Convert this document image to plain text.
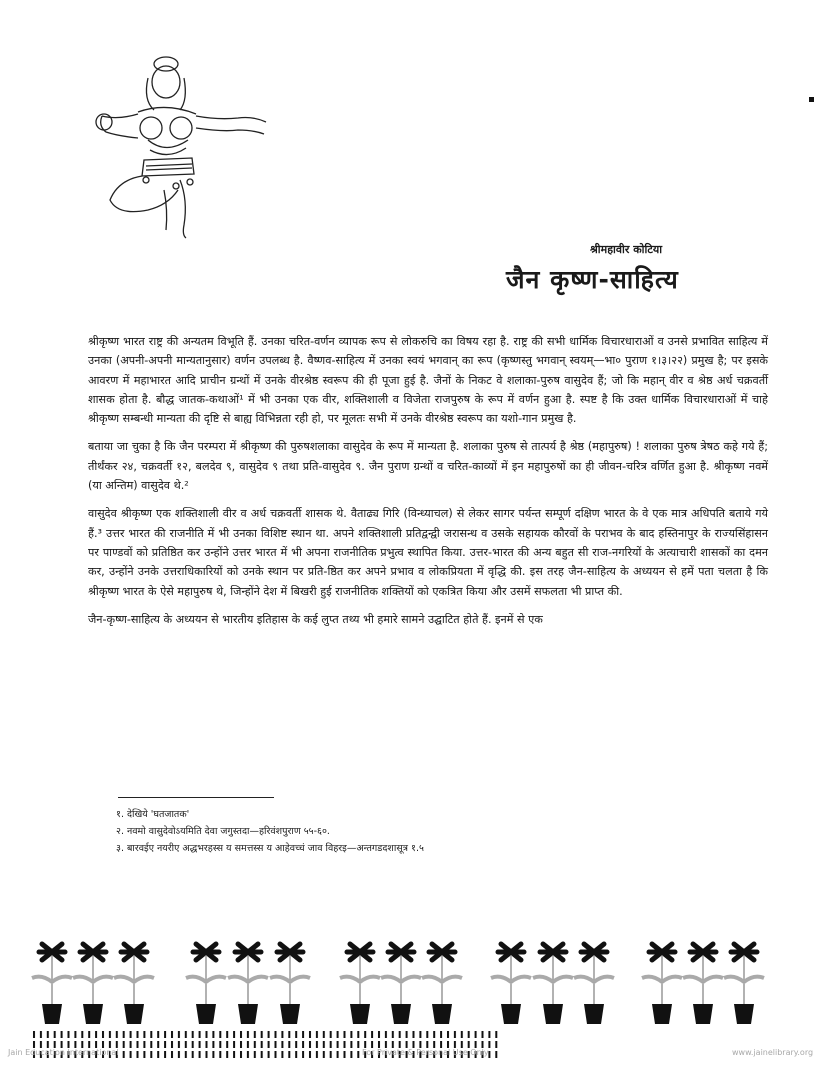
श्रीमहावीर कोटिया
जैन कृष्ण-साहित्य

श्रीकृष्ण भारत राष्ट्र की अन्यतम विभूति हैं. उनका चरित-वर्णन व्यापक रूप से लोकरुचि का विषय रहा है. राष्ट्र की सभी धार्मिक विचारधाराओं व उनसे प्रभावित साहित्य में उनका (अपनी-अपनी मान्यतानुसार) वर्णन उपलब्ध है. वैष्णव-साहित्य में उनका स्वयं भगवान् का रूप (कृष्णस्तु भगवान् स्वयम्—भा० पुराण १।३।२२) प्रमुख है; पर इसके आवरण में महाभारत आदि प्राचीन ग्रन्थों में उनके वीरश्रेष्ठ स्वरूप की ही पूजा हुई है. जैनों के निकट वे शलाका-पुरुष वासुदेव हैं; जो कि महान् वीर व श्रेष्ठ अर्ध चक्रवर्ती शासक होता है. बौद्ध जातक-कथाओं¹ में भी उनका एक वीर, शक्तिशाली व विजेता राजपुरुष के रूप में वर्णन हुआ है. स्पष्ट है कि उक्त धार्मिक विचारधाराओं में चाहे श्रीकृष्ण सम्बन्धी मान्यता की दृष्टि से बाह्य विभिन्नता रही हो, पर मूलतः सभी में उनके वीरश्रेष्ठ स्वरूप का यशो-गान प्रमुख है.

बताया जा चुका है कि जैन परम्परा में श्रीकृष्ण की पुरुषशलाका वासुदेव के रूप में मान्यता है. शलाका पुरुष से तात्पर्य है श्रेष्ठ (महापुरुष) ! शलाका पुरुष त्रेषठ कहे गये हैं; तीर्थंकर २४, चक्रवर्ती १२, बलदेव ९, वासुदेव ९ तथा प्रति-वासुदेव ९. जैन पुराण ग्रन्थों व चरित-काव्यों में इन महापुरुषों का ही जीवन-चरित्र वर्णित हुआ है. श्रीकृष्ण नवमें (या अन्तिम) वासुदेव थे.²

वासुदेव श्रीकृष्ण एक शक्तिशाली वीर व अर्ध चक्रवर्ती शासक थे. वैताढ्य गिरि (विन्ध्याचल) से लेकर सागर पर्यन्त सम्पूर्ण दक्षिण भारत के वे एक मात्र अधिपति बताये गये हैं.³ उत्तर भारत की राजनीति में भी उनका विशिष्ट स्थान था. अपने शक्तिशाली प्रतिद्वन्द्वी जरासन्ध व उसके सहायक कौरवों के पराभव के बाद हस्तिनापुर के राज्यसिंहासन पर पाण्डवों को प्रतिष्ठित कर उन्होंने उत्तर भारत में भी अपना राजनीतिक प्रभुत्व स्थापित किया. उत्तर-भारत की अन्य बहुत सी राज-नगरियों के अत्याचारी शासकों का दमन कर, उन्होंने उनके उत्तराधिकारियों को उनके स्थान पर प्रति-ष्ठित कर अपने प्रभाव व लोकप्रियता में वृद्धि की. इस तरह जैन-साहित्य के अध्ययन से हमें पता चलता है कि श्रीकृष्ण भारत के ऐसे महापुरुष थे, जिन्होंने देश में बिखरी हुई राजनीतिक शक्तियों को एकत्रित किया और उसमें सफलता भी प्राप्त की.

जैन-कृष्ण-साहित्य के अध्ययन से भारतीय इतिहास के कई लुप्त तथ्य भी हमारे सामने उद्घाटित होते हैं. इनमें से एक

१. देखिये 'घतजातक'
२. नवमो वासुदेवोऽयमिति देवा जगुस्तदा—हरिवंशपुराण ५५-६०.
३. बारवईए नयरीए अद्धभरहस्स य समत्तस्स य आहेवच्चं जाव विहरइ—अन्तगडदशासूत्र १.५
Jain Education International	For Private & Personal Use Only	www.jainelibrary.org
